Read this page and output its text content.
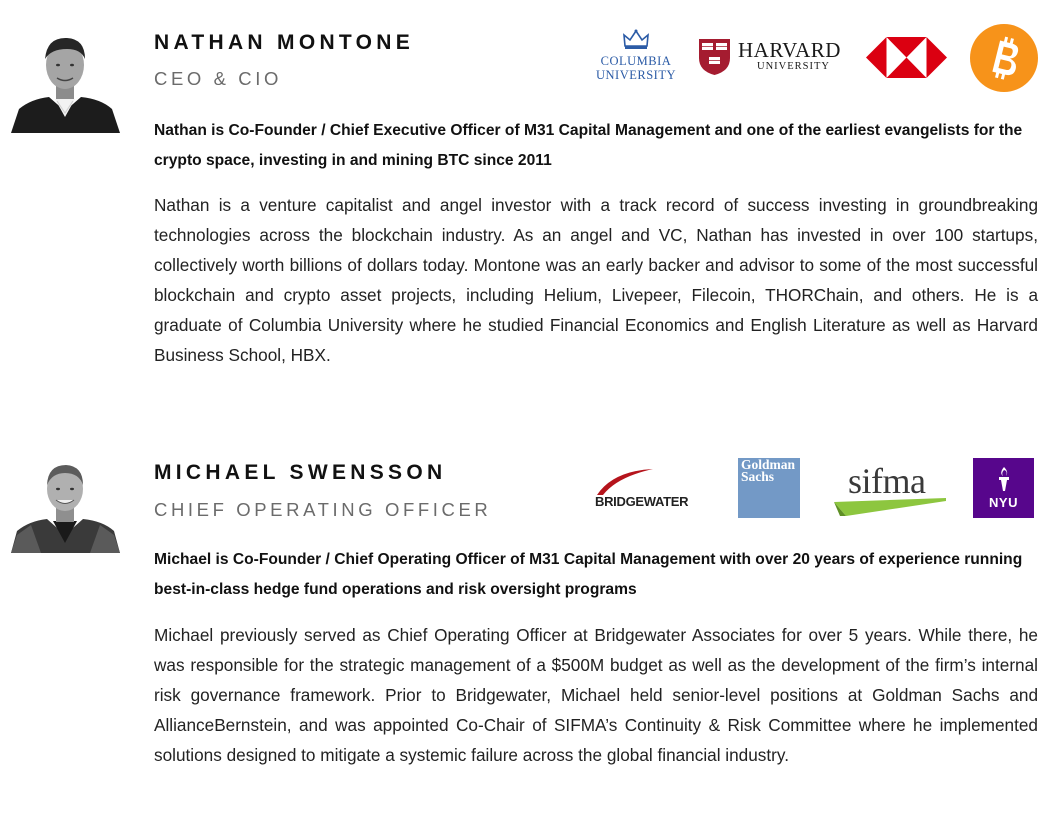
NATHAN MONTONE
CEO & CIO
COLUMBIA
UNIVERSITY
HARVARD
UNIVERSITY
Nathan is Co-Founder / Chief Executive Officer of M31 Capital Management and one of the earliest evangelists for the crypto space, investing in and mining BTC since 2011
Nathan is a venture capitalist and angel investor with a track record of success investing in groundbreaking technologies across the blockchain industry. As an angel and VC, Nathan has invested in over 100 startups, collectively worth billions of dollars today. Montone was an early backer and advisor to some of the most successful blockchain and crypto asset projects, including Helium, Livepeer, Filecoin, THORChain, and others. He is a graduate of Columbia University where he studied Financial Economics and English Literature as well as Harvard Business School, HBX.
MICHAEL SWENSSON
CHIEF OPERATING OFFICER	BRIDGEWATER
Goldman
Sachs sifma
NYU
Michael is Co-Founder / Chief Operating Officer of M31 Capital Management with over 20 years of experience running best-in-class hedge fund operations and risk oversight programs
Michael previously served as Chief Operating Officer at Bridgewater Associates for over 5 years. While there, he was responsible for the strategic management of a $500M budget as well as the development of the firm’s internal risk governance framework. Prior to Bridgewater, Michael held senior-level positions at Goldman Sachs and AllianceBernstein, and was appointed Co-Chair of SIFMA’s Continuity & Risk Committee where he implemented solutions designed to mitigate a systemic failure across the global financial industry.
